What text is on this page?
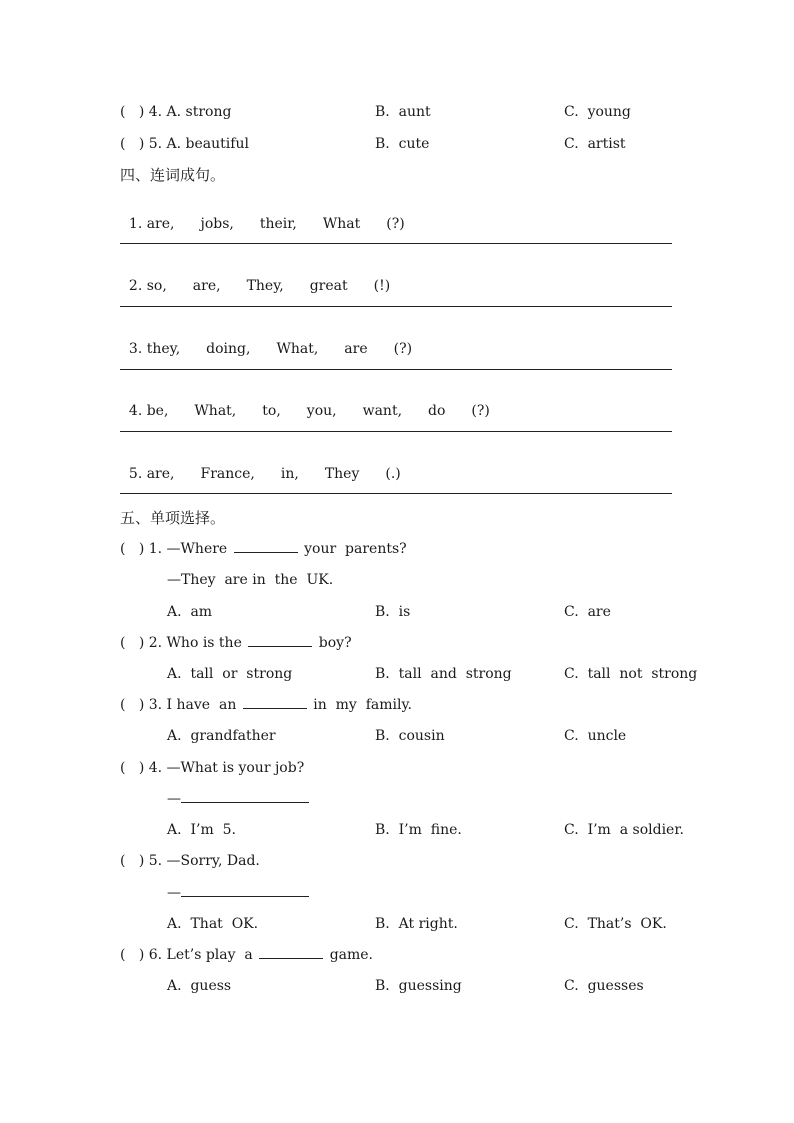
(   ) 4. A. strong	B.  aunt	C.  young
(   ) 5. A. beautiful	B.  cute	C.  artist
四、连词成句。

1. are, jobs, their, What (?)

2. so, are, They, great (!)

3. they, doing, What, are (?)

4. be, What, to, you, want, do (?)

5. are, France, in, They (.)

五、单项选择。
(   ) 1. —Where	your  parents?
—They  are in  the  UK.
A.  am	B.  is	C.  are
(   ) 2. Who is the	boy?
A.  tall  or  strong	B.  tall  and  strong	C.  tall  not  strong
(   ) 3. I have  an	in  my  family.
A.  grandfather	B.  cousin	C.  uncle
(   ) 4. —What is your job?
—
A.  I’m  5.	B.  I’m  fine.	C.  I’m  a soldier.
(   ) 5. —Sorry, Dad.
—
A.  That  OK.	B.  At right.	C.  That’s  OK.
(   ) 6. Let’s play  a	game.
A.  guess	B.  guessing	C.  guesses
